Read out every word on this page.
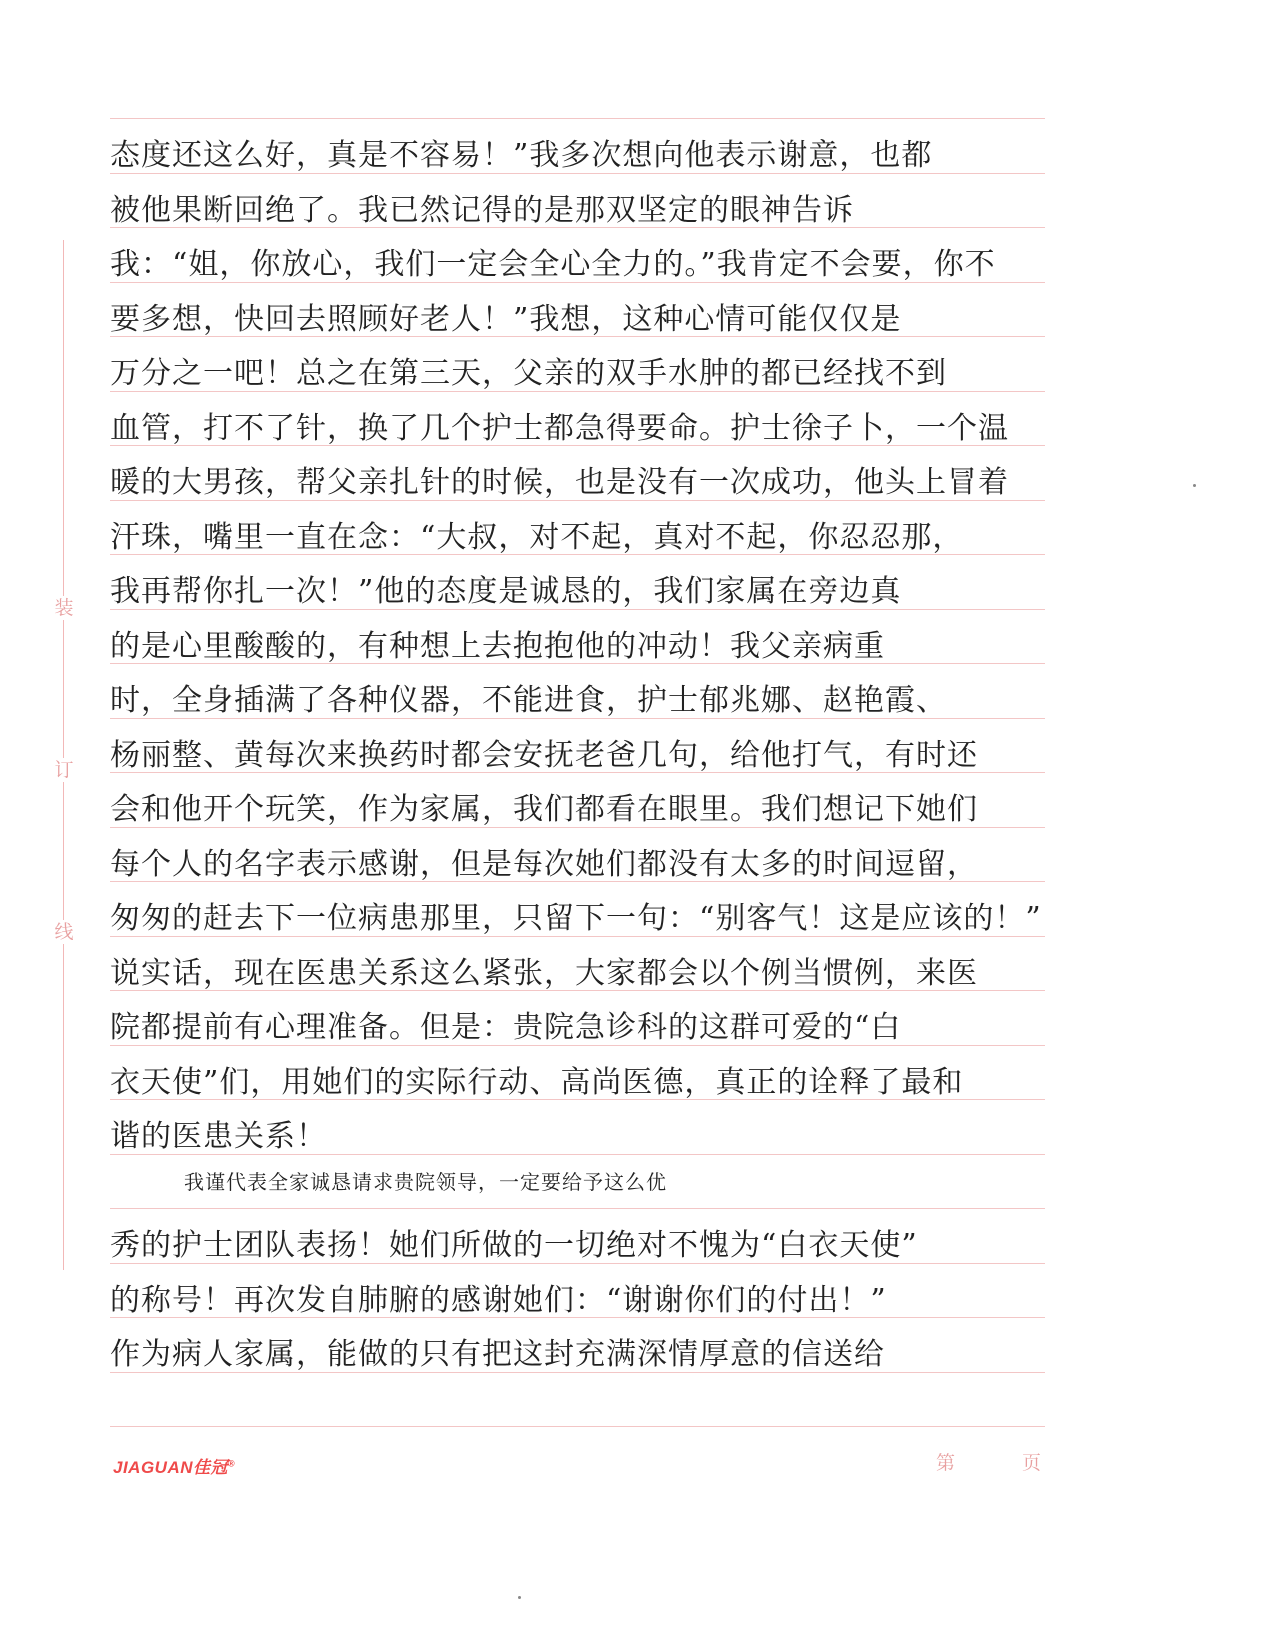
装
订
线
态度还这么好，真是不容易！”我多次想向他表示谢意，也都
被他果断回绝了。我已然记得的是那双坚定的眼神告诉
我：“姐，你放心，我们一定会全心全力的。”我肯定不会要，你不
要多想，快回去照顾好老人！”我想，这种心情可能仅仅是
万分之一吧！总之在第三天，父亲的双手水肿的都已经找不到
血管，打不了针，换了几个护士都急得要命。护士徐子卜，一个温
暖的大男孩，帮父亲扎针的时候，也是没有一次成功，他头上冒着
汗珠，嘴里一直在念：“大叔，对不起，真对不起，你忍忍那，
我再帮你扎一次！”他的态度是诚恳的，我们家属在旁边真
的是心里酸酸的，有种想上去抱抱他的冲动！我父亲病重
时，全身插满了各种仪器，不能进食，护士郁兆娜、赵艳霞、
杨丽整、黄每次来换药时都会安抚老爸几句，给他打气，有时还
会和他开个玩笑，作为家属，我们都看在眼里。我们想记下她们
每个人的名字表示感谢，但是每次她们都没有太多的时间逗留，
匆匆的赶去下一位病患那里，只留下一句：“别客气！这是应该的！”
说实话，现在医患关系这么紧张，大家都会以个例当惯例，来医
院都提前有心理准备。但是：贵院急诊科的这群可爱的“白
衣天使”们，用她们的实际行动、高尚医德，真正的诠释了最和
谐的医患关系！
我谨代表全家诚恳请求贵院领导，一定要给予这么优
秀的护士团队表扬！她们所做的一切绝对不愧为“白衣天使”
的称号！再次发自肺腑的感谢她们：“谢谢你们的付出！”
作为病人家属，能做的只有把这封充满深情厚意的信送给
JIAGUAN佳冠®	第	页
